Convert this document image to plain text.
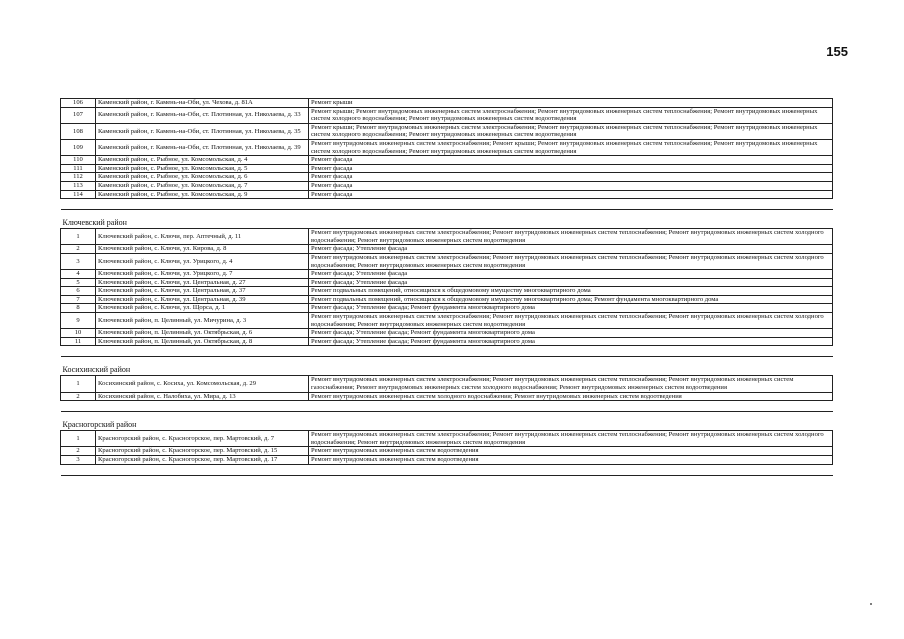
155
106	Каменский район, г. Камень-на-Оби, ул. Чехова, д. 81А	Ремонт крыши
107	Каменский район, г. Камень-на-Оби, ст. Плотинная, ул. Николаева, д. 33	Ремонт крыши; Ремонт внутридомовых инженерных систем электроснабжения; Ремонт внутридомовых инженерных систем теплоснабжения; Ремонт внутридомовых инженерных систем холодного водоснабжения; Ремонт внутридомовых инженерных систем водоотведения
108	Каменский район, г. Камень-на-Оби, ст. Плотинная, ул. Николаева, д. 35	Ремонт крыши; Ремонт внутридомовых инженерных систем электроснабжения; Ремонт внутридомовых инженерных систем теплоснабжения; Ремонт внутридомовых инженерных систем холодного водоснабжения; Ремонт внутридомовых инженерных систем водоотведения
109	Каменский район, г. Камень-на-Оби, ст. Плотинная, ул. Николаева, д. 39	Ремонт внутридомовых инженерных систем электроснабжения; Ремонт крыши; Ремонт внутридомовых инженерных систем теплоснабжения; Ремонт внутридомовых инженерных систем холодного водоснабжения; Ремонт внутридомовых инженерных систем водоотведения
110	Каменский район, с. Рыбное, ул. Комсомольская, д. 4	Ремонт фасада
111	Каменский район, с. Рыбное, ул. Комсомольская, д. 5	Ремонт фасада
112	Каменский район, с. Рыбное, ул. Комсомольская, д. 6	Ремонт фасада
113	Каменский район, с. Рыбное, ул. Комсомольская, д. 7	Ремонт фасада
114	Каменский район, с. Рыбное, ул. Комсомольская, д. 9	Ремонт фасада

Ключевский район		
1	Ключевский район, с. Ключи, пер. Аптечный, д. 11	Ремонт внутридомовых инженерных систем электроснабжения; Ремонт внутридомовых инженерных систем теплоснабжения; Ремонт внутридомовых инженерных систем холодного водоснабжения; Ремонт внутридомовых инженерных систем водоотведения
2	Ключевский район, с. Ключи, ул. Кирова, д. 8	Ремонт фасада; Утепление фасада
3	Ключевский район, с. Ключи, ул. Урицкого, д. 4	Ремонт внутридомовых инженерных систем электроснабжения; Ремонт внутридомовых инженерных систем теплоснабжения; Ремонт внутридомовых инженерных систем холодного водоснабжения; Ремонт внутридомовых инженерных систем водоотведения
4	Ключевский район, с. Ключи, ул. Урицкого, д. 7	Ремонт фасада; Утепление фасада
5	Ключевский район, с. Ключи, ул. Центральная, д. 27	Ремонт фасада; Утепление фасада
6	Ключевский район, с. Ключи, ул. Центральная, д. 37	Ремонт подвальных помещений, относящихся к общедомовому имуществу многоквартирного дома
7	Ключевский район, с. Ключи, ул. Центральная, д. 39	Ремонт подвальных помещений, относящихся к общедомовому имуществу многоквартирного дома; Ремонт фундамента многоквартирного дома
8	Ключевский район, с. Ключи, ул. Щорса, д. 1	Ремонт фасада; Утепление фасада; Ремонт фундамента многоквартирного дома
9	Ключевский район, п. Целинный, ул. Мичурина, д. 3	Ремонт внутридомовых инженерных систем электроснабжения; Ремонт внутридомовых инженерных систем теплоснабжения; Ремонт внутридомовых инженерных систем холодного водоснабжения; Ремонт внутридомовых инженерных систем водоотведения
10	Ключевский район, п. Целинный, ул. Октябрьская, д. 6	Ремонт фасада; Утепление фасада; Ремонт фундамента многоквартирного дома
11	Ключевский район, п. Целинный, ул. Октябрьская, д. 8	Ремонт фасада; Утепление фасада; Ремонт фундамента многоквартирного дома

Косихинский район		
1	Косихинский район, с. Косиха, ул. Комсомольская, д. 29	Ремонт внутридомовых инженерных систем электроснабжения; Ремонт внутридомовых инженерных систем теплоснабжения; Ремонт внутридомовых инженерных систем газоснабжения; Ремонт внутридомовых инженерных систем холодного водоснабжения; Ремонт внутридомовых инженерных систем водоотведения
2	Косихинский район, с. Налобиха, ул. Мира, д. 13	Ремонт внутридомовых инженерных систем холодного водоснабжения; Ремонт внутридомовых инженерных систем водоотведения

Красногорский район		
1	Красногорский район, с. Красногорское, пер. Мартовский, д. 7	Ремонт внутридомовых инженерных систем электроснабжения; Ремонт внутридомовых инженерных систем теплоснабжения; Ремонт внутридомовых инженерных систем холодного водоснабжения; Ремонт внутридомовых инженерных систем водоотведения
2	Красногорский район, с. Красногорское, пер. Мартовский, д. 15	Ремонт внутридомовых инженерных систем водоотведения
3	Красногорский район, с. Красногорское, пер. Мартовский, д. 17	Ремонт внутридомовых инженерных систем водоотведения
